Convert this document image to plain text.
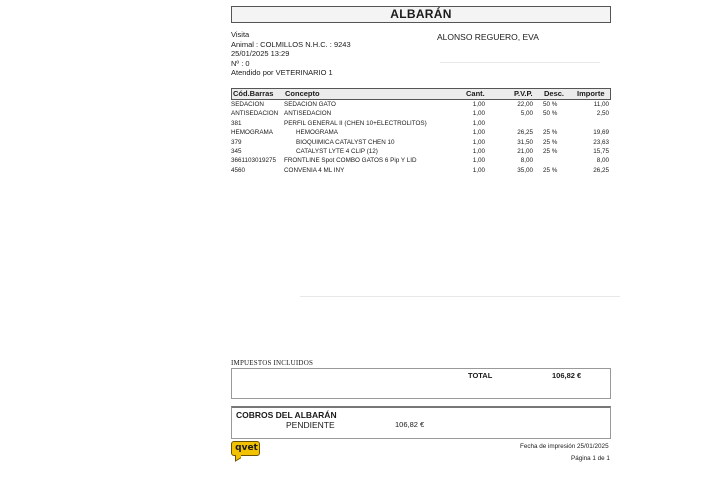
ALBARÁN
Visita
Animal : COLMILLOS N.H.C. : 9243
25/01/2025 13:29
Nº : 0
Atendido por VETERINARIO 1
ALONSO REGUERO, EVA
Cód.Barras Concepto	Cant.	P.V.P. Desc. Importe
SEDACION	SEDACION GATO	1,00	22,00 50 %	11,00
ANTISEDACION ANTISEDACION	1,00	5,00 50 %	2,50
381	PERFIL GENERAL II (CHEN 10+ELECTROLITOS)	1,00
HEMOGRAMA	HEMOGRAMA	1,00	26,25 25 %	19,69
379	BIOQUIMICA CATALYST CHEN 10	1,00	31,50 25 %	23,63
345	CATALYST LYTE 4 CLIP (12)	1,00	21,00 25 %	15,75
3661103019275 FRONTLINE Spot COMBO GATOS 6 Pip Y LID	1,00	8,00	8,00
4560	CONVENIA 4 ML INY	1,00	35,00 25 %	26,25
IMPUESTOS INCLUIDOS
TOTAL	106,82 €
COBROS DEL ALBARÁN
PENDIENTE	106,82 €
qvet	Fecha de impresión 25/01/2025
Página 1 de 1
